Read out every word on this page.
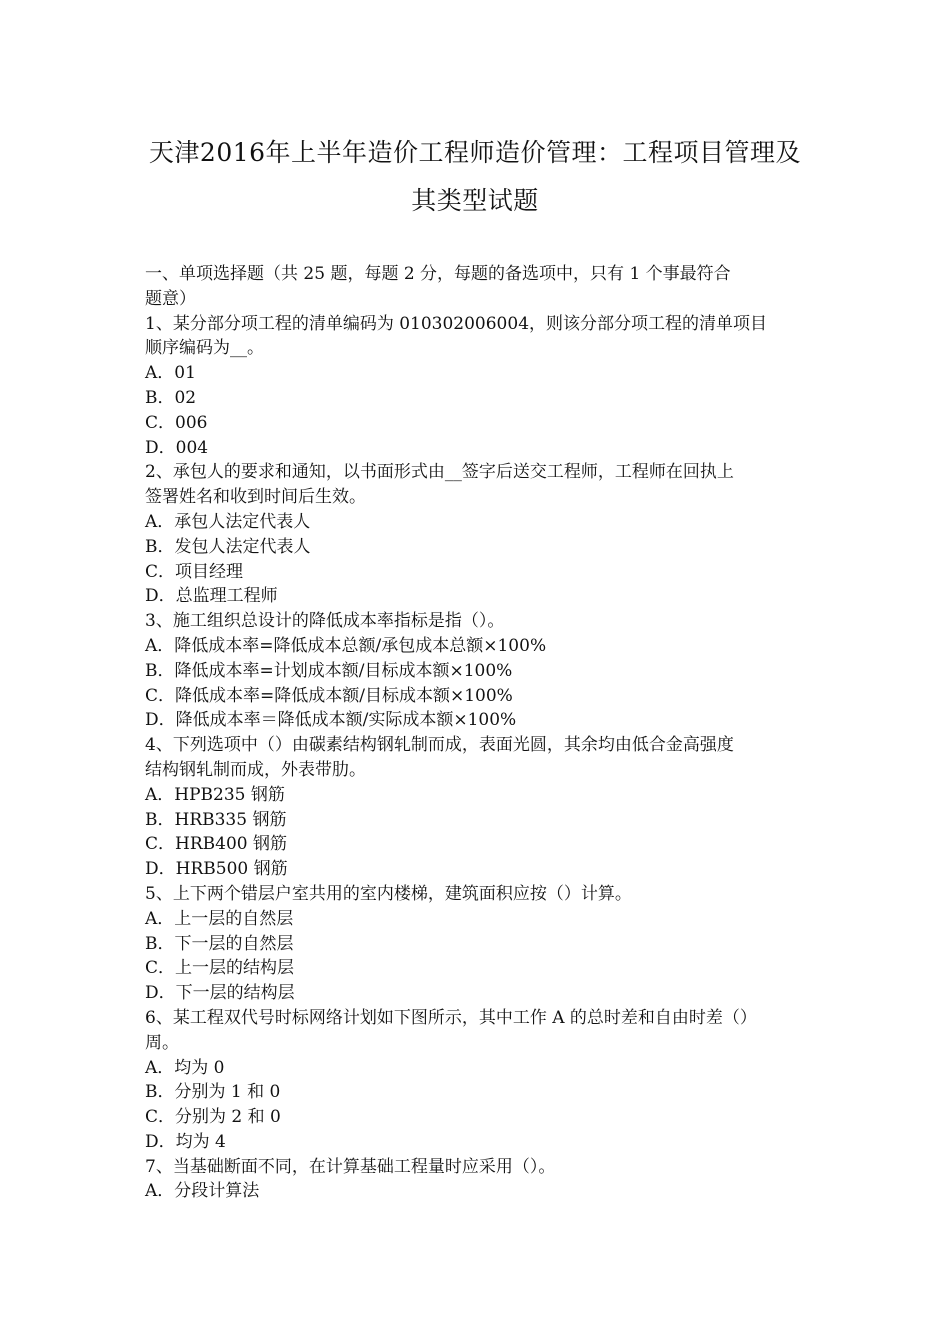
天津2016年上半年造价工程师造价管理：工程项目管理及
其类型试题
一、单项选择题（共 25 题，每题 2 分，每题的备选项中，只有 1 个事最符合
题意）
1、某分部分项工程的清单编码为 010302006004，则该分部分项工程的清单项目
顺序编码为__。
A．01
B．02
C．006
D．004
2、承包人的要求和通知，以书面形式由__签字后送交工程师，工程师在回执上
签署姓名和收到时间后生效。
A．承包人法定代表人
B．发包人法定代表人
C．项目经理
D．总监理工程师
3、施工组织总设计的降低成本率指标是指（）。
A．降低成本率=降低成本总额/承包成本总额×100%
B．降低成本率=计划成本额/目标成本额×100%
C．降低成本率=降低成本额/目标成本额×100%
D．降低成本率＝降低成本额/实际成本额×100%
4、下列选项中（）由碳素结构钢轧制而成，表面光圆，其余均由低合金高强度
结构钢轧制而成，外表带肋。
A．HPB235 钢筋
B．HRB335 钢筋
C．HRB400 钢筋
D．HRB500 钢筋
5、上下两个错层户室共用的室内楼梯，建筑面积应按（）计算。
A．上一层的自然层
B．下一层的自然层
C．上一层的结构层
D．下一层的结构层
6、某工程双代号时标网络计划如下图所示，其中工作 A 的总时差和自由时差（）
周。
A．均为 0
B．分别为 1 和 0
C．分别为 2 和 0
D．均为 4
7、当基础断面不同，在计算基础工程量时应采用（）。
A．分段计算法
